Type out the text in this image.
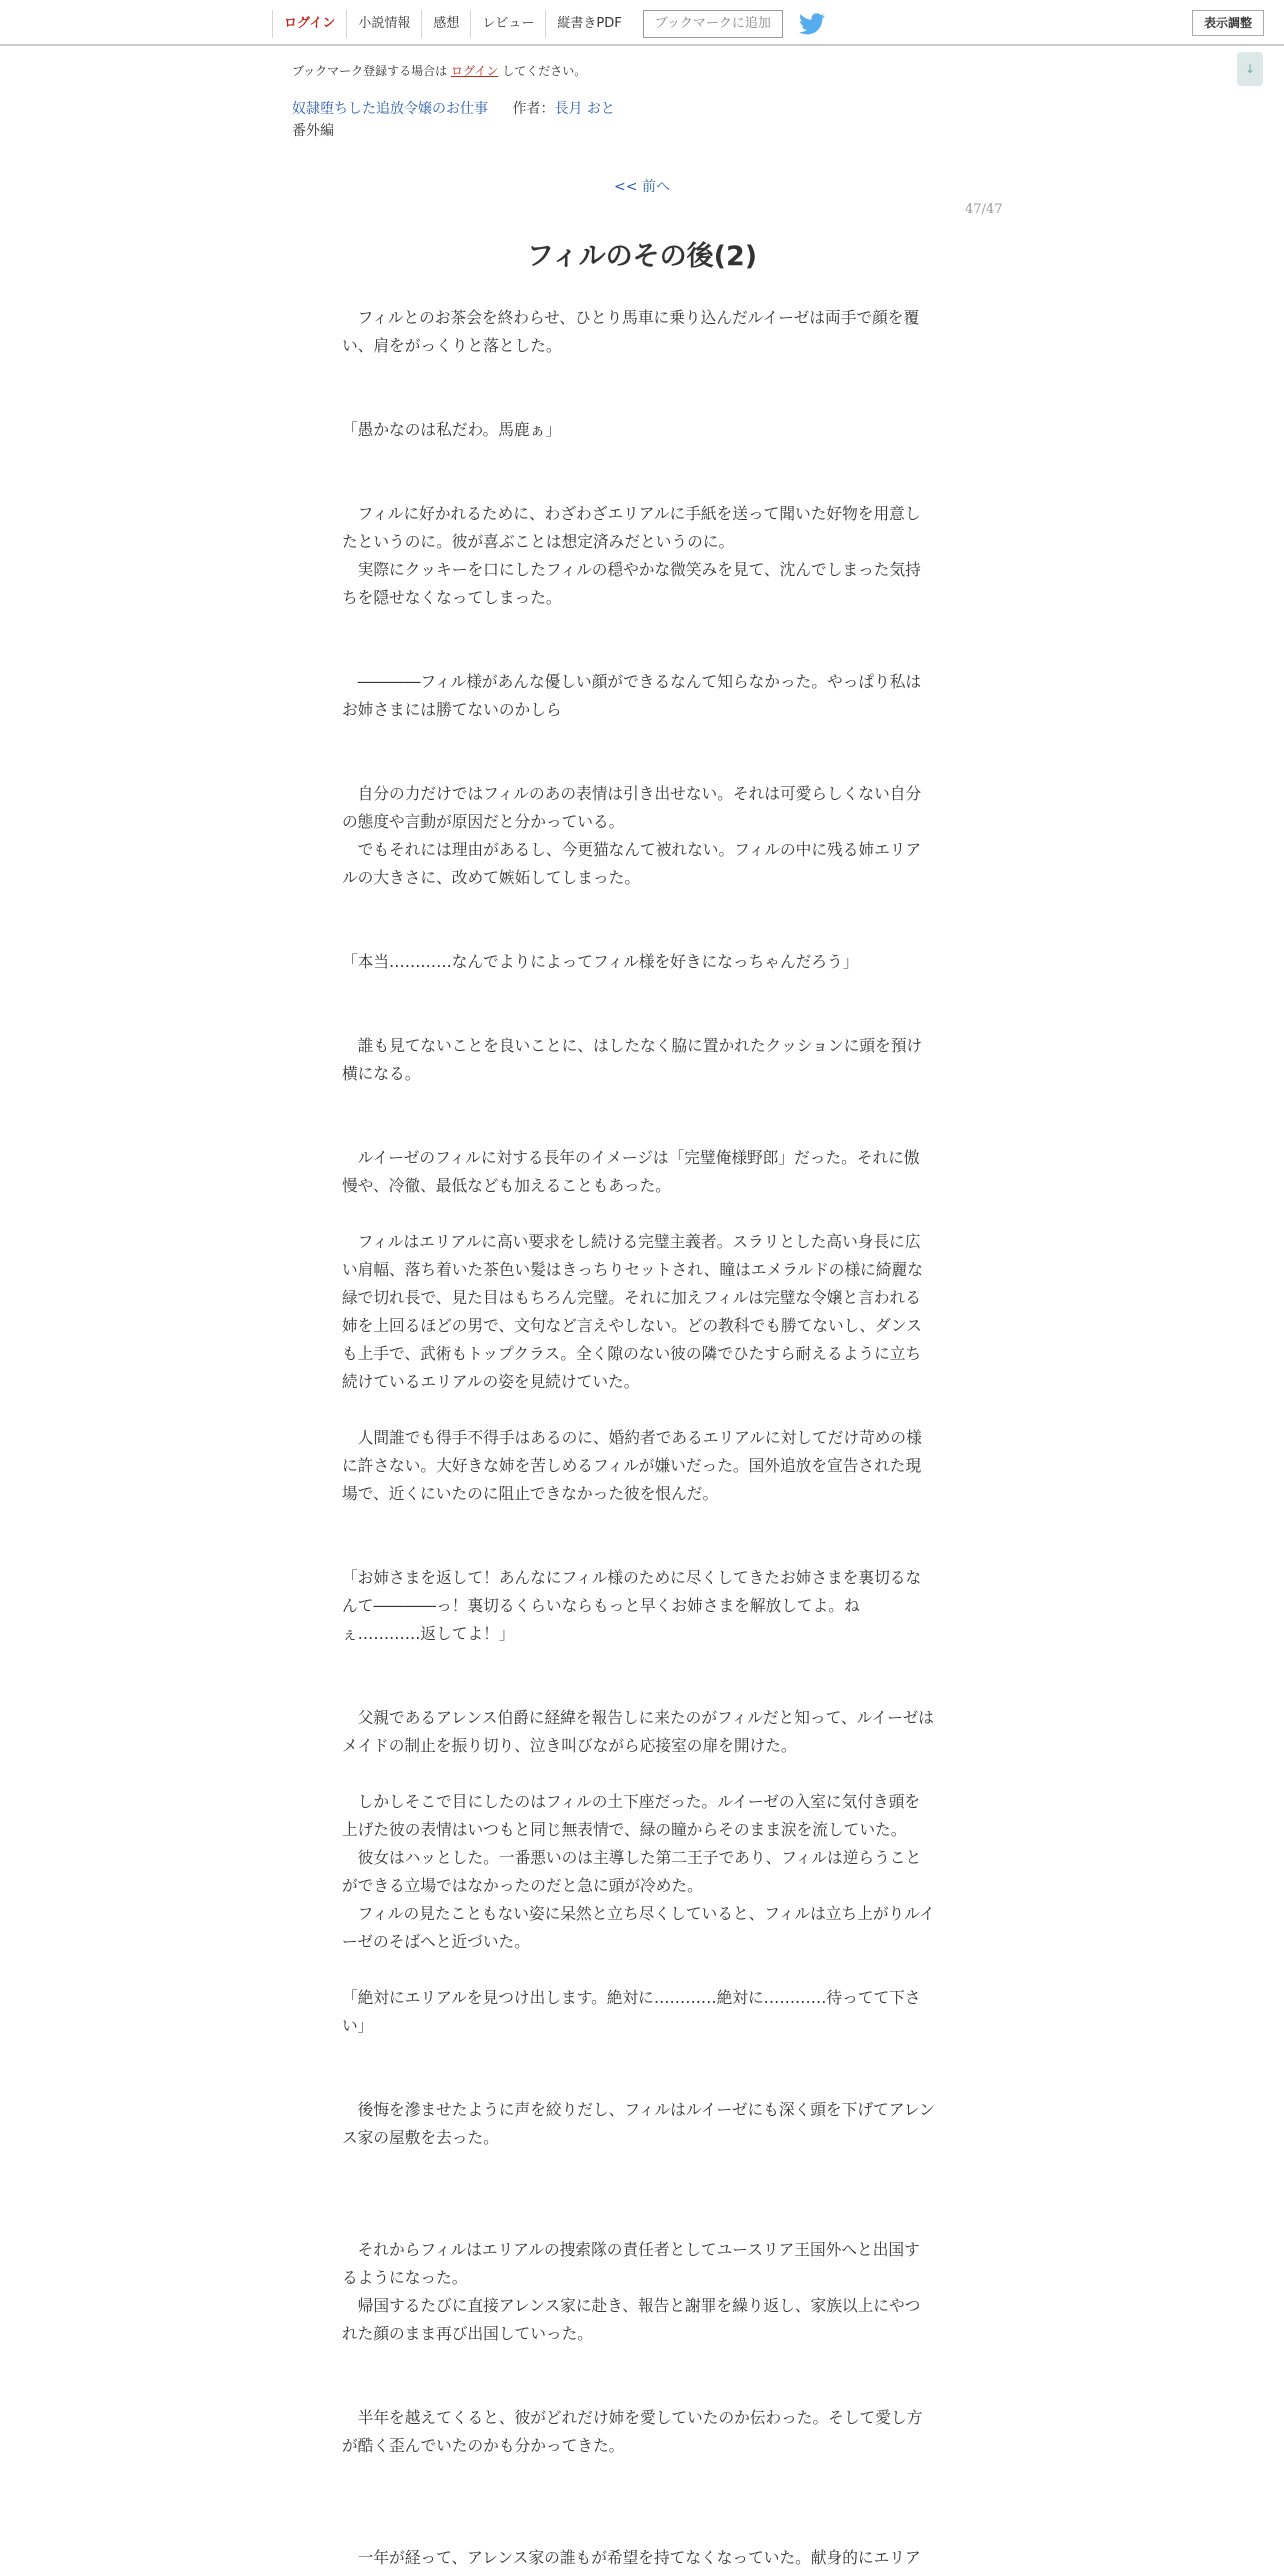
ログイン	小説情報	感想	レビュー	縦書きPDF	ブックマークに追加	表示調整
↓
ブックマーク登録する場合は ログイン してください。
奴隷堕ちした追放令嬢のお仕事 作者：長月 おと
番外編
<< 前へ
47/47
フィルのその後(2)

　フィルとのお茶会を終わらせ、ひとり馬車に乗り込んだルイーゼは両手で顔を覆い、肩をがっくりと落とした。

「愚かなのは私だわ。馬鹿ぁ」

　フィルに好かれるために、わざわざエリアルに手紙を送って聞いた好物を用意したというのに。彼が喜ぶことは想定済みだというのに。

　実際にクッキーを口にしたフィルの穏やかな微笑みを見て、沈んでしまった気持ちを隠せなくなってしまった。

　――――フィル様があんな優しい顔ができるなんて知らなかった。やっぱり私はお姉さまには勝てないのかしら

　自分の力だけではフィルのあの表情は引き出せない。それは可愛らしくない自分の態度や言動が原因だと分かっている。

　でもそれには理由があるし、今更猫なんて被れない。フィルの中に残る姉エリアルの大きさに、改めて嫉妬してしまった。

「本当…………なんでよりによってフィル様を好きになっちゃんだろう」

　誰も見てないことを良いことに、はしたなく脇に置かれたクッションに頭を預け横になる。

　ルイーゼのフィルに対する長年のイメージは「完璧俺様野郎」だった。それに傲慢や、冷徹、最低なども加えることもあった。

　フィルはエリアルに高い要求をし続ける完璧主義者。スラリとした高い身長に広い肩幅、落ち着いた茶色い髪はきっちりセットされ、瞳はエメラルドの様に綺麗な緑で切れ長で、見た目はもちろん完璧。それに加えフィルは完璧な令嬢と言われる姉を上回るほどの男で、文句など言えやしない。どの教科でも勝てないし、ダンスも上手で、武術もトップクラス。全く隙のない彼の隣でひたすら耐えるように立ち続けているエリアルの姿を見続けていた。

　人間誰でも得手不得手はあるのに、婚約者であるエリアルに対してだけ苛めの様に許さない。大好きな姉を苦しめるフィルが嫌いだった。国外追放を宣告された現場で、近くにいたのに阻止できなかった彼を恨んだ。

「お姉さまを返して！あんなにフィル様のために尽くしてきたお姉さまを裏切るなんて――――っ！裏切るくらいならもっと早くお姉さまを解放してよ。ねぇ…………返してよ！」

　父親であるアレンス伯爵に経緯を報告しに来たのがフィルだと知って、ルイーゼはメイドの制止を振り切り、泣き叫びながら応接室の扉を開けた。

　しかしそこで目にしたのはフィルの土下座だった。ルイーゼの入室に気付き頭を上げた彼の表情はいつもと同じ無表情で、緑の瞳からそのまま涙を流していた。

　彼女はハッとした。一番悪いのは主導した第二王子であり、フィルは逆らうことができる立場ではなかったのだと急に頭が冷めた。

　フィルの見たこともない姿に呆然と立ち尽くしていると、フィルは立ち上がりルイーゼのそばへと近づいた。

「絶対にエリアルを見つけ出します。絶対に…………絶対に…………待ってて下さい」

　後悔を滲ませたように声を絞りだし、フィルはルイーゼにも深く頭を下げてアレンス家の屋敷を去った。

　それからフィルはエリアルの捜索隊の責任者としてユースリア王国外へと出国するようになった。

　帰国するたびに直接アレンス家に赴き、報告と謝罪を繰り返し、家族以上にやつれた顔のまま再び出国していった。

　半年を越えてくると、彼がどれだけ姉を愛していたのか伝わった。そして愛し方が酷く歪んでいたのかも分かってきた。

　一年が経って、アレンス家の誰もが希望を持てなくなっていた。献身的にエリア
